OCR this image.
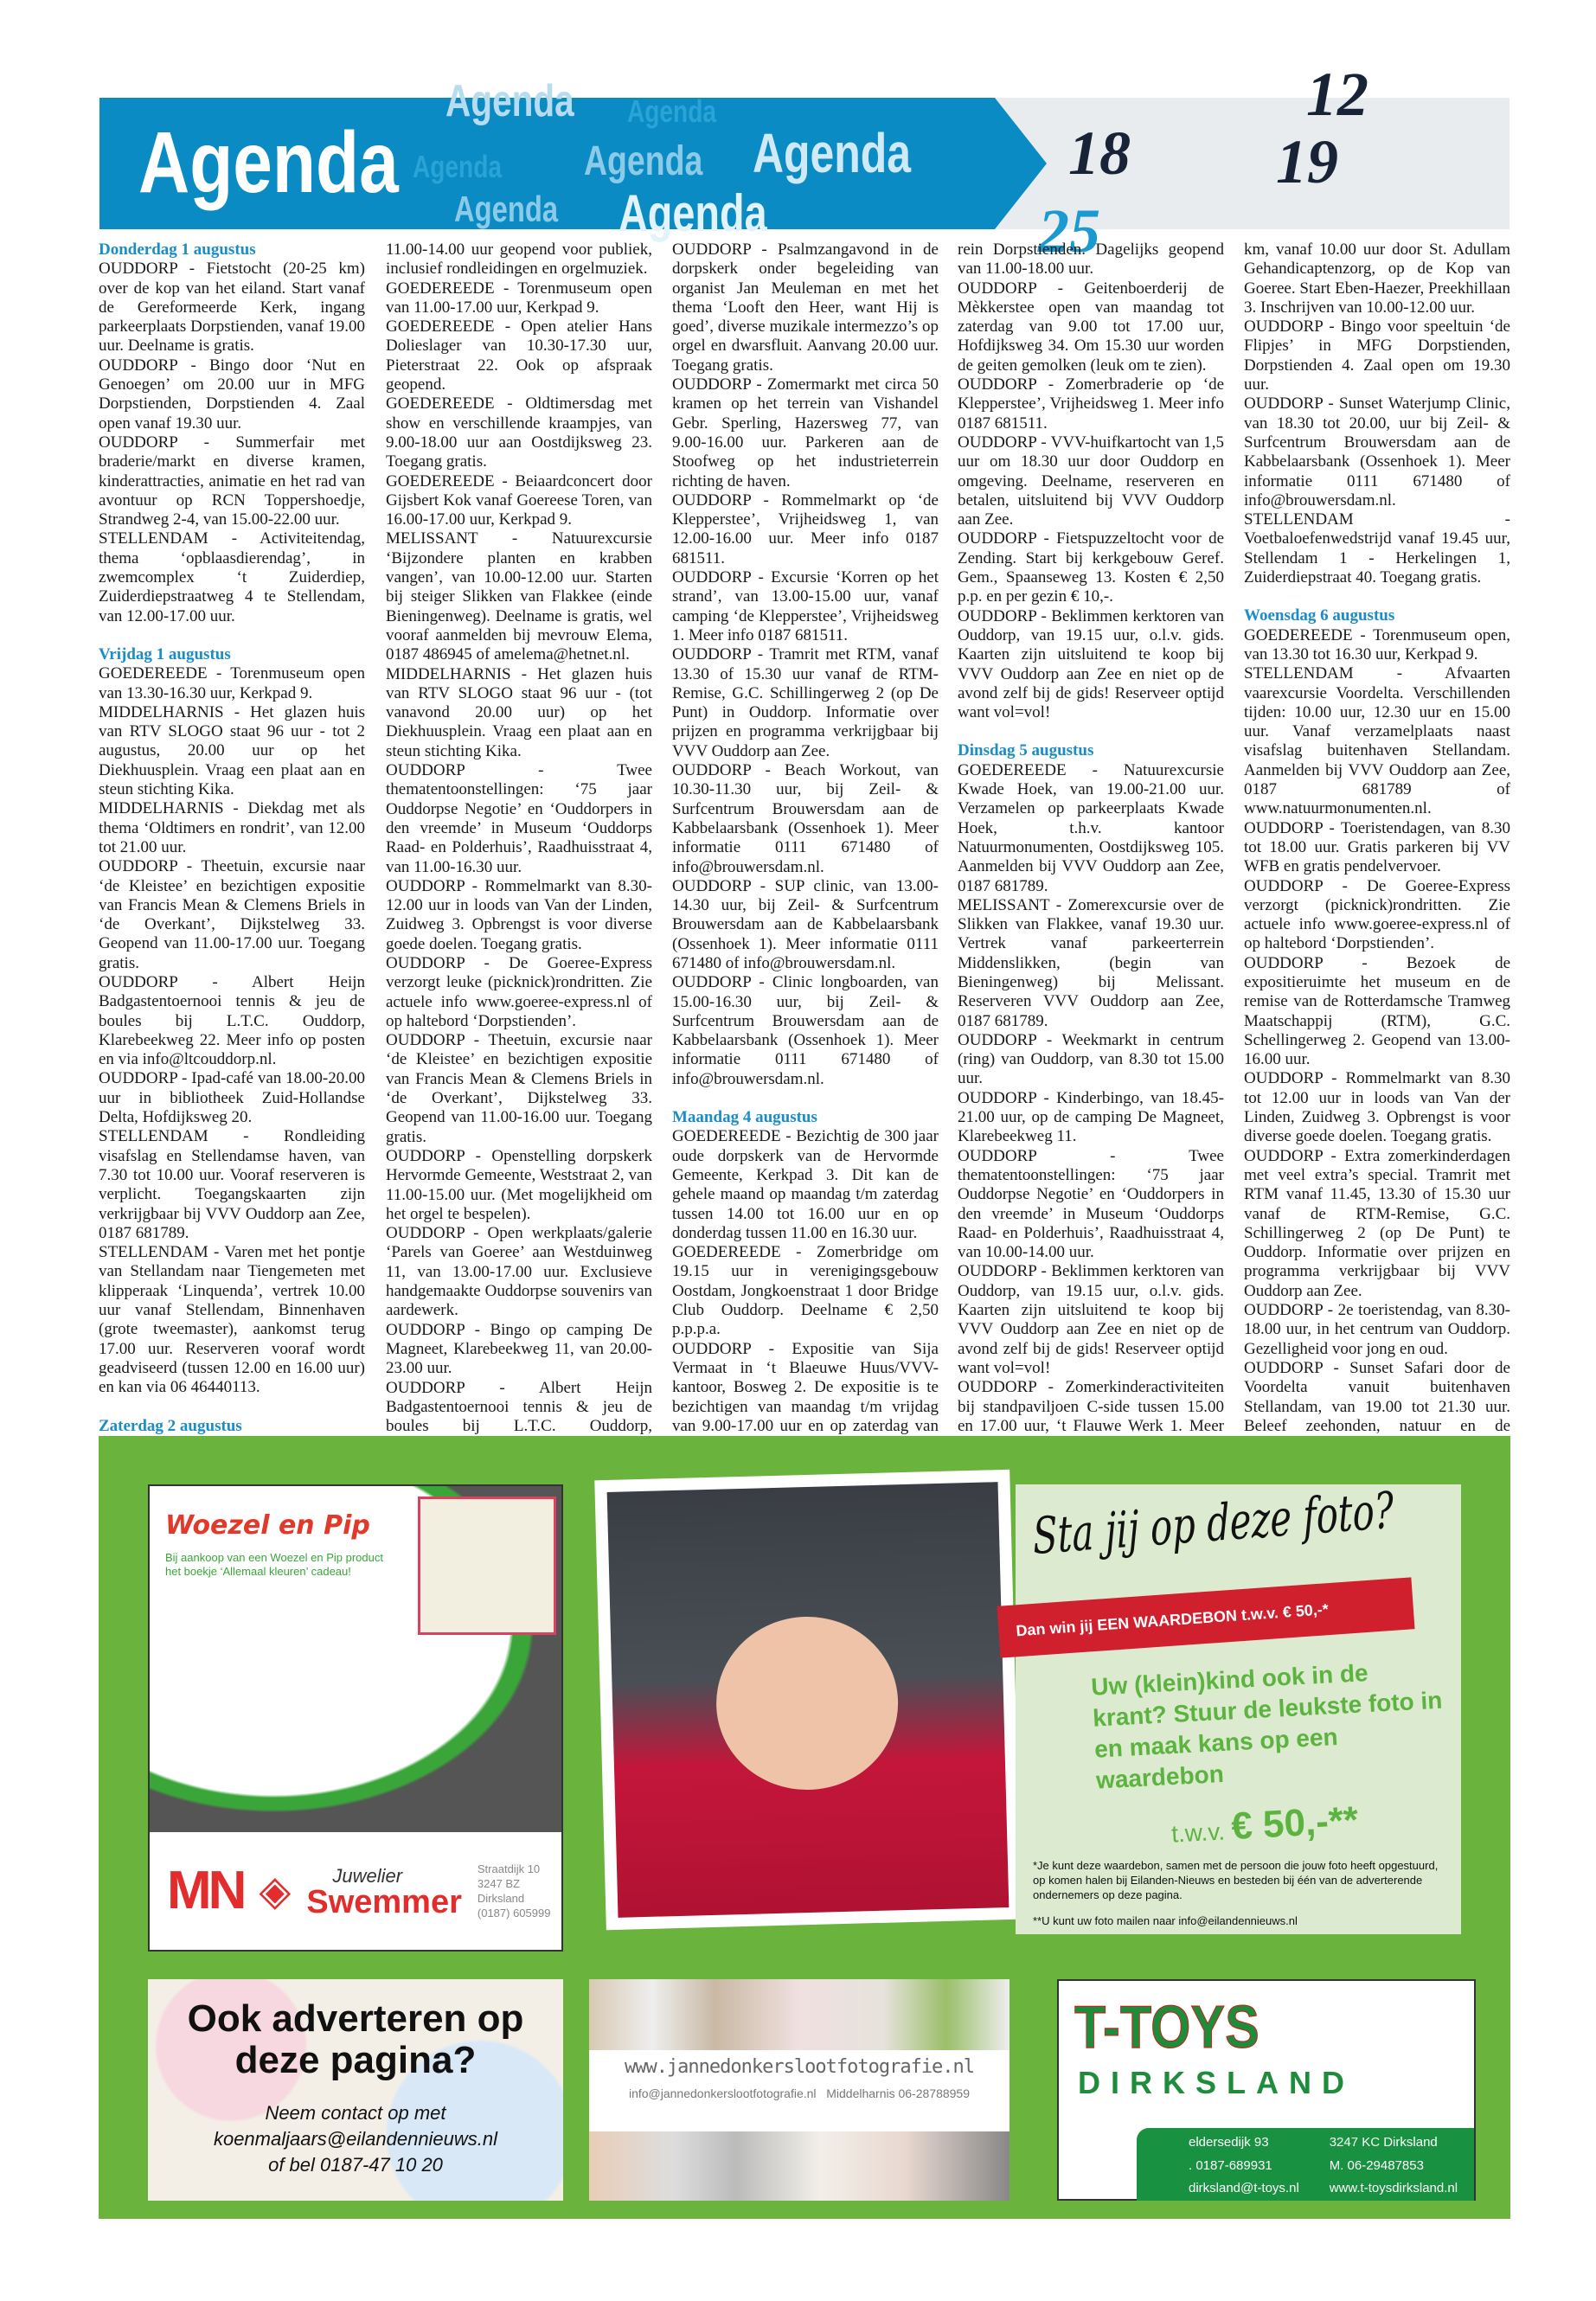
Agenda Agenda
Agenda Agenda Agenda
Agenda Agenda
Agenda	18 19
25
12
Donderdag 1 augustus

OUDDORP - Fietstocht (20-25 km) over de kop van het eiland. Start vanaf de Gereformeerde Kerk, ingang parkeerplaats Dorpstienden, vanaf 19.00 uur. Deelname is gratis.

OUDDORP - Bingo door ‘Nut en Genoegen’ om 20.00 uur in MFG Dorpstienden, Dorpstienden 4. Zaal open vanaf 19.30 uur.

OUDDORP - Summerfair met braderie/markt en diverse kramen, kinderattracties, animatie en het rad van avontuur op RCN Toppershoedje, Strandweg 2-4, van 15.00-22.00 uur.

STELLENDAM - Activiteitendag, thema ‘opblaasdierendag’, in zwemcomplex ‘t Zuiderdiep, Zuiderdiepstraatweg 4 te Stellendam, van 12.00-17.00 uur.

Vrijdag 1 augustus

GOEDEREEDE - Torenmuseum open van 13.30-16.30 uur, Kerkpad 9.

MIDDELHARNIS - Het glazen huis van RTV SLOGO staat 96 uur - tot 2 augustus, 20.00 uur op het Diekhuusplein. Vraag een plaat aan en steun stichting Kika.

MIDDELHARNIS - Diekdag met als thema ‘Oldtimers en rondrit’, van 12.00 tot 21.00 uur.

OUDDORP - Theetuin, excursie naar ‘de Kleistee’ en bezichtigen expositie van Francis Mean & Clemens Briels in ‘de Overkant’, Dijkstelweg 33. Geopend van 11.00-17.00 uur. Toegang gratis.

OUDDORP - Albert Heijn Badgastentoernooi tennis & jeu de boules bij L.T.C. Ouddorp, Klarebeekweg 22. Meer info op posten en via info@ltcouddorp.nl.

OUDDORP - Ipad-café van 18.00-20.00 uur in bibliotheek Zuid-Hollandse Delta, Hofdijksweg 20.

STELLENDAM - Rondleiding visafslag en Stellendamse haven, van 7.30 tot 10.00 uur. Vooraf reserveren is verplicht. Toegangskaarten zijn verkrijgbaar bij VVV Ouddorp aan Zee, 0187 681789.

STELLENDAM - Varen met het pontje van Stellandam naar Tiengemeten met klipperaak ‘Linquenda’, vertrek 10.00 uur vanaf Stellendam, Binnenhaven (grote tweemaster), aankomst terug 17.00 uur. Reserveren vooraf wordt geadviseerd (tussen 12.00 en 16.00 uur) en kan via 06 46440113.

Zaterdag 2 augustus

11.00-14.00 uur geopend voor publiek, inclusief rondleidingen en orgelmuziek.

GOEDEREEDE - Torenmuseum open van 11.00-17.00 uur, Kerkpad 9.

GOEDEREEDE - Open atelier Hans Dolieslager van 10.30-17.30 uur, Pieterstraat 22. Ook op afspraak geopend.

GOEDEREEDE - Oldtimersdag met show en verschillende kraampjes, van 9.00-18.00 uur aan Oostdijksweg 23. Toegang gratis.

GOEDEREEDE - Beiaardconcert door Gijsbert Kok vanaf Goereese Toren, van 16.00-17.00 uur, Kerkpad 9.

MELISSANT - Natuurexcursie ‘Bijzondere planten en krabben vangen’, van 10.00-12.00 uur. Starten bij steiger Slikken van Flakkee (einde Bieningenweg). Deelname is gratis, wel vooraf aanmelden bij mevrouw Elema, 0187 486945 of amelema@hetnet.nl.

MIDDELHARNIS - Het glazen huis van RTV SLOGO staat 96 uur - (tot vanavond 20.00 uur) op het Diekhuusplein. Vraag een plaat aan en steun stichting Kika.

OUDDORP - Twee thematentoonstellingen: ‘75 jaar Ouddorpse Negotie’ en ‘Ouddorpers in den vreemde’ in Museum ‘Ouddorps Raad- en Polderhuis’, Raadhuisstraat 4, van 11.00-16.30 uur.

OUDDORP - Rommelmarkt van 8.30-12.00 uur in loods van Van der Linden, Zuidweg 3. Opbrengst is voor diverse goede doelen. Toegang gratis.

OUDDORP - De Goeree-Express verzorgt leuke (picknick)rondritten. Zie actuele info www.goeree-express.nl of op haltebord ‘Dorpstienden’.

OUDDORP - Theetuin, excursie naar ‘de Kleistee’ en bezichtigen expositie van Francis Mean & Clemens Briels in ‘de Overkant’, Dijkstelweg 33. Geopend van 11.00-16.00 uur. Toegang gratis.

OUDDORP - Openstelling dorpskerk Hervormde Gemeente, Weststraat 2, van 11.00-15.00 uur. (Met mogelijkheid om het orgel te bespelen).

OUDDORP - Open werkplaats/galerie ‘Parels van Goeree’ aan Westduinweg 11, van 13.00-17.00 uur. Exclusieve handgemaakte Ouddorpse souvenirs van aardewerk.

OUDDORP - Bingo op camping De Magneet, Klarebeekweg 11, van 20.00-23.00 uur.

OUDDORP - Albert Heijn Badgastentoernooi tennis & jeu de boules bij L.T.C. Ouddorp,

OUDDORP - Psalmzangavond in de dorpskerk onder begeleiding van organist Jan Meuleman en met het thema ‘Looft den Heer, want Hij is goed’, diverse muzikale intermezzo’s op orgel en dwarsfluit. Aanvang 20.00 uur. Toegang gratis.

OUDDORP - Zomermarkt met circa 50 kramen op het terrein van Vishandel Gebr. Sperling, Hazersweg 77, van 9.00-16.00 uur. Parkeren aan de Stoofweg op het industrieterrein richting de haven.

OUDDORP - Rommelmarkt op ‘de Klepperstee’, Vrijheidsweg 1, van 12.00-16.00 uur. Meer info 0187 681511.

OUDDORP - Excursie ‘Korren op het strand’, van 13.00-15.00 uur, vanaf camping ‘de Klepperstee’, Vrijheidsweg 1. Meer info 0187 681511.

OUDDORP - Tramrit met RTM, vanaf 13.30 of 15.30 uur vanaf de RTM-Remise, G.C. Schillingerweg 2 (op De Punt) in Ouddorp. Informatie over prijzen en programma verkrijgbaar bij VVV Ouddorp aan Zee.

OUDDORP - Beach Workout, van 10.30-11.30 uur, bij Zeil- & Surfcentrum Brouwersdam aan de Kabbelaarsbank (Ossenhoek 1). Meer informatie 0111 671480 of info@brouwersdam.nl.

OUDDORP - SUP clinic, van 13.00-14.30 uur, bij Zeil- & Surfcentrum Brouwersdam aan de Kabbelaarsbank (Ossenhoek 1). Meer informatie 0111 671480 of info@brouwersdam.nl.

OUDDORP - Clinic longboarden, van 15.00-16.30 uur, bij Zeil- & Surfcentrum Brouwersdam aan de Kabbelaarsbank (Ossenhoek 1). Meer informatie 0111 671480 of info@brouwersdam.nl.

Maandag 4 augustus

GOEDEREEDE - Bezichtig de 300 jaar oude dorpskerk van de Hervormde Gemeente, Kerkpad 3. Dit kan de gehele maand op maandag t/m zaterdag tussen 14.00 tot 16.00 uur en op donderdag tussen 11.00 en 16.30 uur.

GOEDEREEDE - Zomerbridge om 19.15 uur in verenigingsgebouw Oostdam, Jongkoenstraat 1 door Bridge Club Ouddorp. Deelname € 2,50 p.p.p.a.

OUDDORP - Expositie van Sija Vermaat in ‘t Blaeuwe Huus/VVV-kantoor, Bosweg 2. De expositie is te bezichtigen van maandag t/m vrijdag van 9.00-17.00 uur en op zaterdag van

rein Dorpstienden. Dagelijks geopend van 11.00-18.00 uur.

OUDDORP - Geitenboerderij de Mèkkerstee open van maandag tot zaterdag van 9.00 tot 17.00 uur, Hofdijksweg 34. Om 15.30 uur worden de geiten gemolken (leuk om te zien).

OUDDORP - Zomerbraderie op ‘de Klepperstee’, Vrijheidsweg 1. Meer info 0187 681511.

OUDDORP - VVV-huifkartocht van 1,5 uur om 18.30 uur door Ouddorp en omgeving. Deelname, reserveren en betalen, uitsluitend bij VVV Ouddorp aan Zee.

OUDDORP - Fietspuzzeltocht voor de Zending. Start bij kerkgebouw Geref. Gem., Spaanseweg 13. Kosten € 2,50 p.p. en per gezin € 10,-.

OUDDORP - Beklimmen kerktoren van Ouddorp, van 19.15 uur, o.l.v. gids. Kaarten zijn uitsluitend te koop bij VVV Ouddorp aan Zee en niet op de avond zelf bij de gids! Reserveer optijd want vol=vol!

Dinsdag 5 augustus

GOEDEREEDE - Natuurexcursie Kwade Hoek, van 19.00-21.00 uur. Verzamelen op parkeerplaats Kwade Hoek, t.h.v. kantoor Natuurmonumenten, Oostdijksweg 105. Aanmelden bij VVV Ouddorp aan Zee, 0187 681789.

MELISSANT - Zomerexcursie over de Slikken van Flakkee, vanaf 19.30 uur. Vertrek vanaf parkeerterrein Middenslikken, (begin van Bieningenweg) bij Melissant. Reserveren VVV Ouddorp aan Zee, 0187 681789.

OUDDORP - Weekmarkt in centrum (ring) van Ouddorp, van 8.30 tot 15.00 uur.

OUDDORP - Kinderbingo, van 18.45-21.00 uur, op de camping De Magneet, Klarebeekweg 11.

OUDDORP - Twee thematentoonstellingen: ‘75 jaar Ouddorpse Negotie’ en ‘Ouddorpers in den vreemde’ in Museum ‘Ouddorps Raad- en Polderhuis’, Raadhuisstraat 4, van 10.00-14.00 uur.

OUDDORP - Beklimmen kerktoren van Ouddorp, van 19.15 uur, o.l.v. gids. Kaarten zijn uitsluitend te koop bij VVV Ouddorp aan Zee en niet op de avond zelf bij de gids! Reserveer optijd want vol=vol!

OUDDORP - Zomerkinderactiviteiten bij standpaviljoen C-side tussen 15.00 en 17.00 uur, ‘t Flauwe Werk 1. Meer

km, vanaf 10.00 uur door St. Adullam Gehandicaptenzorg, op de Kop van Goeree. Start Eben-Haezer, Preekhillaan 3. Inschrijven van 10.00-12.00 uur.

OUDDORP - Bingo voor speeltuin ‘de Flipjes’ in MFG Dorpstienden, Dorpstienden 4. Zaal open om 19.30 uur.

OUDDORP - Sunset Waterjump Clinic, van 18.30 tot 20.00, uur bij Zeil- & Surfcentrum Brouwersdam aan de Kabbelaarsbank (Ossenhoek 1). Meer informatie 0111 671480 of info@brouwersdam.nl.

STELLENDAM - Voetbaloefenwedstrijd vanaf 19.45 uur, Stellendam 1 - Herkelingen 1, Zuiderdiepstraat 40. Toegang gratis.

Woensdag 6 augustus

GOEDEREEDE - Torenmuseum open, van 13.30 tot 16.30 uur, Kerkpad 9.

STELLENDAM - Afvaarten vaarexcursie Voordelta. Verschillenden tijden: 10.00 uur, 12.30 uur en 15.00 uur. Vanaf verzamelplaats naast visafslag buitenhaven Stellandam. Aanmelden bij VVV Ouddorp aan Zee, 0187 681789 of www.natuurmonumenten.nl.

OUDDORP - Toeristendagen, van 8.30 tot 18.00 uur. Gratis parkeren bij VV WFB en gratis pendelvervoer.

OUDDORP - De Goeree-Express verzorgt (picknick)rondritten. Zie actuele info www.goeree-express.nl of op haltebord ‘Dorpstienden’.

OUDDORP - Bezoek de expositieruimte het museum en de remise van de Rotterdamsche Tramweg Maatschappij (RTM), G.C. Schellingerweg 2. Geopend van 13.00-16.00 uur.

OUDDORP - Rommelmarkt van 8.30 tot 12.00 uur in loods van Van der Linden, Zuidweg 3. Opbrengst is voor diverse goede doelen. Toegang gratis.

OUDDORP - Extra zomerkinderdagen met veel extra’s special. Tramrit met RTM vanaf 11.45, 13.30 of 15.30 uur vanaf de RTM-Remise, G.C. Schillingerweg 2 (op De Punt) te Ouddorp. Informatie over prijzen en programma verkrijgbaar bij VVV Ouddorp aan Zee.

OUDDORP - 2e toeristendag, van 8.30-18.00 uur, in het centrum van Ouddorp. Gezelligheid voor jong en oud.

OUDDORP - Sunset Safari door de Voordelta vanuit buitenhaven Stellandam, van 19.00 tot 21.30 uur. Beleef zeehonden, natuur en de

Woezel en Pip
Bij aankoop van een Woezel en Pip product het boekje ‘Allemaal kleuren’ cadeau!
MN ◈ Juwelier
Swemmer
Straatdijk 10
3247 BZ Dirksland
(0187) 605999
Sta jij op deze foto?
Dan win jij EEN WAARDEBON t.w.v. € 50,-*
Uw (klein)kind ook in de krant? Stuur de leukste foto in en maak kans op een waardebon
t.w.v. € 50,-**
*Je kunt deze waardebon, samen met de persoon die jouw foto heeft opgestuurd, op komen halen bij Eilanden-Nieuws en besteden bij één van de adverterende ondernemers op deze pagina.
**U kunt uw foto mailen naar info@eilandennieuws.nl
Ook adverteren op deze pagina?
Neem contact op met
koenmaljaars@eilandennieuws.nl
of bel 0187-47 10 20
www.jannedonkerslootfotografie.nl
info@jannedonkerslootfotografie.nl Middelharnis 06-28788959
T-TOYS
DIRKSLAND
eldersedijk 93	3247 KC Dirksland
. 0187-689931	M. 06-29487853
dirksland@t-toys.nl	www.t-toysdirksland.nl
